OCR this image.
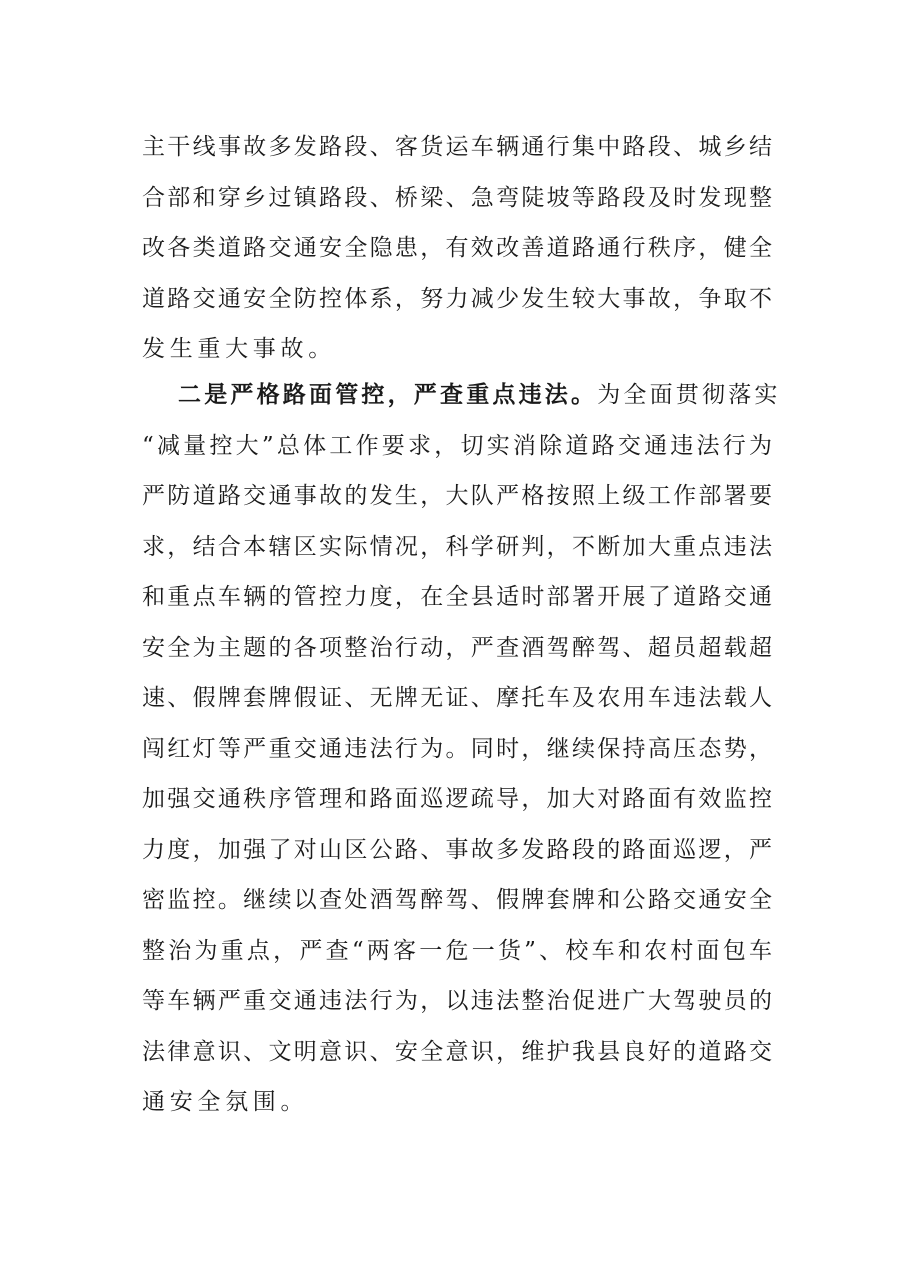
主干线事故多发路段、客货运车辆通行集中路段、城乡结
合部和穿乡过镇路段、桥梁、急弯陡坡等路段及时发现整
改各类道路交通安全隐患，有效改善道路通行秩序，健全
道路交通安全防控体系，努力减少发生较大事故，争取不
发生重大事故。
二是严格路面管控，严查重点违法。为全面贯彻落实
“减量控大”总体工作要求，切实消除道路交通违法行为
严防道路交通事故的发生，大队严格按照上级工作部署要
求，结合本辖区实际情况，科学研判，不断加大重点违法
和重点车辆的管控力度，在全县适时部署开展了道路交通
安全为主题的各项整治行动，严查酒驾醉驾、超员超载超
速、假牌套牌假证、无牌无证、摩托车及农用车违法载人
闯红灯等严重交通违法行为。同时，继续保持高压态势，
加强交通秩序管理和路面巡逻疏导，加大对路面有效监控
力度，加强了对山区公路、事故多发路段的路面巡逻，严
密监控。继续以查处酒驾醉驾、假牌套牌和公路交通安全
整治为重点，严查“两客一危一货”、校车和农村面包车
等车辆严重交通违法行为，以违法整治促进广大驾驶员的
法律意识、文明意识、安全意识，维护我县良好的道路交
通安全氛围。
